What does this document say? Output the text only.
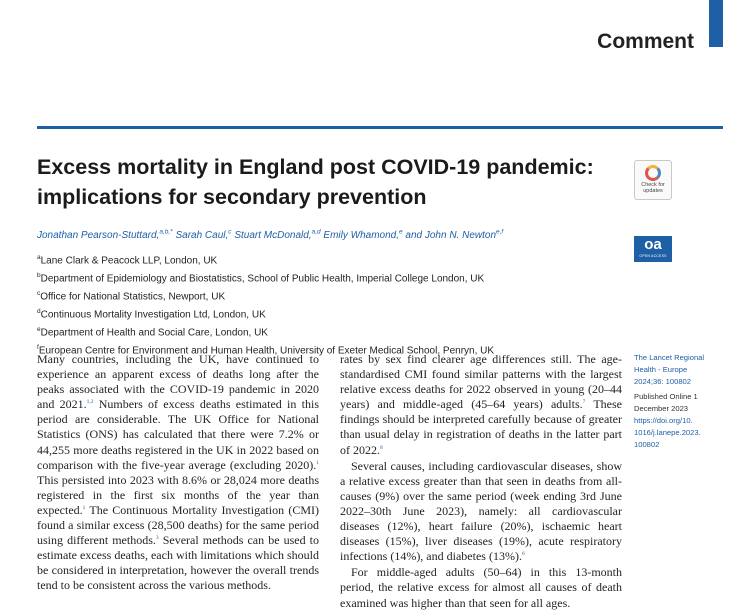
Comment
Excess mortality in England post COVID-19 pandemic:
implications for secondary prevention	Check for
updates
oa
OPEN ACCESS
Jonathan Pearson-Stuttard,$^{a,b,*}$ Sarah Caul,$^c$ Stuart McDonald,$^{a,d}$ Emily Whamond,$^e$ and John N. Newton$^{e,f}$
$^a$Lane Clark & Peacock LLP, London, UK
$^b$Department of Epidemiology and Biostatistics, School of Public Health, Imperial College London, UK
$^c$Office for National Statistics, Newport, UK
$^d$Continuous Mortality Investigation Ltd, London, UK
$^e$Department of Health and Social Care, London, UK
$^f$European Centre for Environment and Human Health, University of Exeter Medical School, Penryn, UK

Many countries, including the UK, have continued to experience an apparent excess of deaths long after the peaks associated with the COVID-19 pandemic in 2020 and 2021.$^{1,2}$ Numbers of excess deaths estimated in this period are considerable. The UK Office for National Statistics (ONS) has calculated that there were 7.2% or 44,255 more deaths registered in the UK in 2022 based on comparison with the five-year average (excluding 2020).$^1$ This persisted into 2023 with 8.6% or 28,024 more deaths registered in the first six months of the year than expected.$^1$ The Continuous Mortality Investigation (CMI) found a similar excess (28,500 deaths) for the same period using different methods.$^3$ Several methods can be used to estimate excess deaths, each with limitations which should be considered in interpretation, however the overall trends tend to be consistent across the various methods.

rates by sex find clearer age differences still. The age-standardised CMI found similar patterns with the largest relative excess deaths for 2022 observed in young (20–44 years) and middle-aged (45–64 years) adults.$^7$ These findings should be interpreted carefully because of greater than usual delay in registration of deaths in the latter part of 2022.$^8$

Several causes, including cardiovascular diseases, show a relative excess greater than that seen in deaths from all-causes (9%) over the same period (week ending 3rd June 2022–30th June 2023), namely: all cardiovascular diseases (12%), heart failure (20%), ischaemic heart diseases (15%), liver diseases (19%), acute respiratory infections (14%), and diabetes (13%).$^6$

For middle-aged adults (50–64) in this 13-month period, the relative excess for almost all causes of death examined was higher than that seen for all ages.

The Lancet Regional
Health - Europe
2024;36: 100802
Published Online 1
December 2023
https://doi.org/10.
1016/j.lanepe.2023.
100802
